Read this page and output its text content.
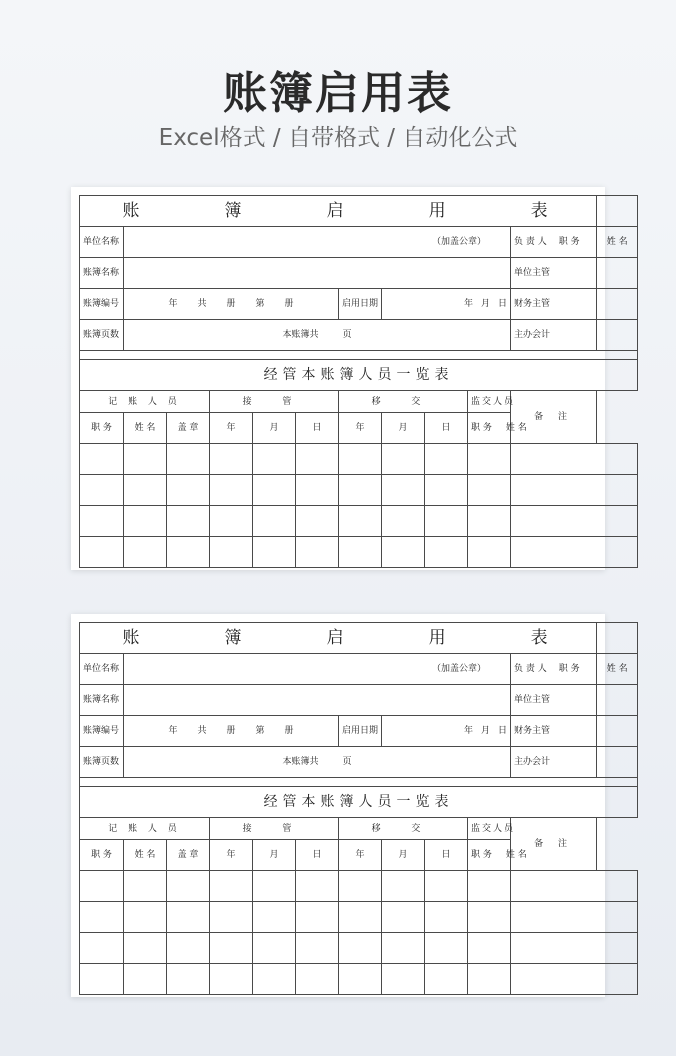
账簿启用表
Excel格式 / 自带格式 / 自动化公式
账 簿 启 用 表											
单位名称	（加盖公章）									负 责 人 职 务	姓 名
账簿名称										单位主管	
账簿编号	年 共 册 第 册					启用日期	年 月 日			财务主管	
账簿页数	本账簿共 页									主办会计	

经管本账簿人员一览表											
记 账 人 员			接 管			移 交			监交人员	备 注
职 务	姓 名	盖 章	年	月	日	年	月	日	职 务 姓 名		

账 簿 启 用 表											
单位名称	（加盖公章）									负 责 人 职 务	姓 名
账簿名称										单位主管	
账簿编号	年 共 册 第 册					启用日期	年 月 日			财务主管	
账簿页数	本账簿共 页									主办会计	

经管本账簿人员一览表											
记 账 人 员			接 管			移 交			监交人员	备 注
职 务	姓 名	盖 章	年	月	日	年	月	日	职 务 姓 名		
